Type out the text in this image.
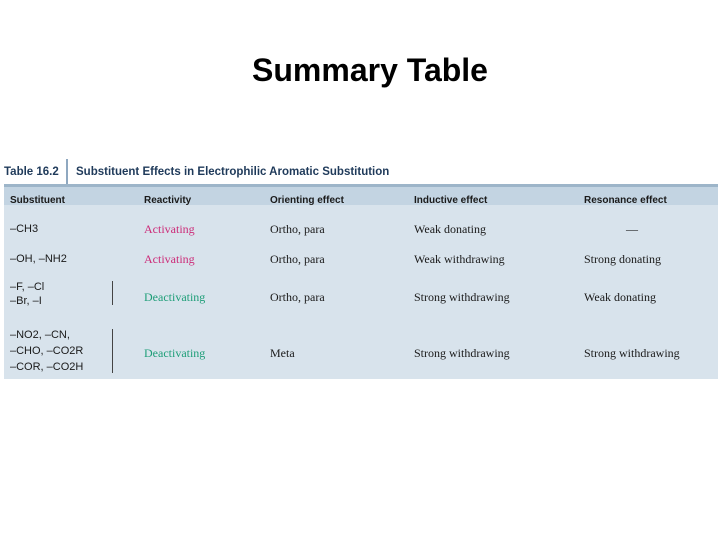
Summary Table
Table 16.2	Substituent Effects in Electrophilic Aromatic Substitution
Substituent	Reactivity	Orienting effect	Inductive effect	Resonance effect
–CH3	Activating	Ortho, para	Weak donating	—
–OH, –NH2	Activating	Ortho, para	Weak withdrawing	Strong donating
–F, –Cl
–Br, –I	Deactivating	Ortho, para	Strong withdrawing	Weak donating
–NO2, –CN,
–CHO, –CO2R
–COR, –CO2H
Deactivating	Meta	Strong withdrawing	Strong withdrawing
